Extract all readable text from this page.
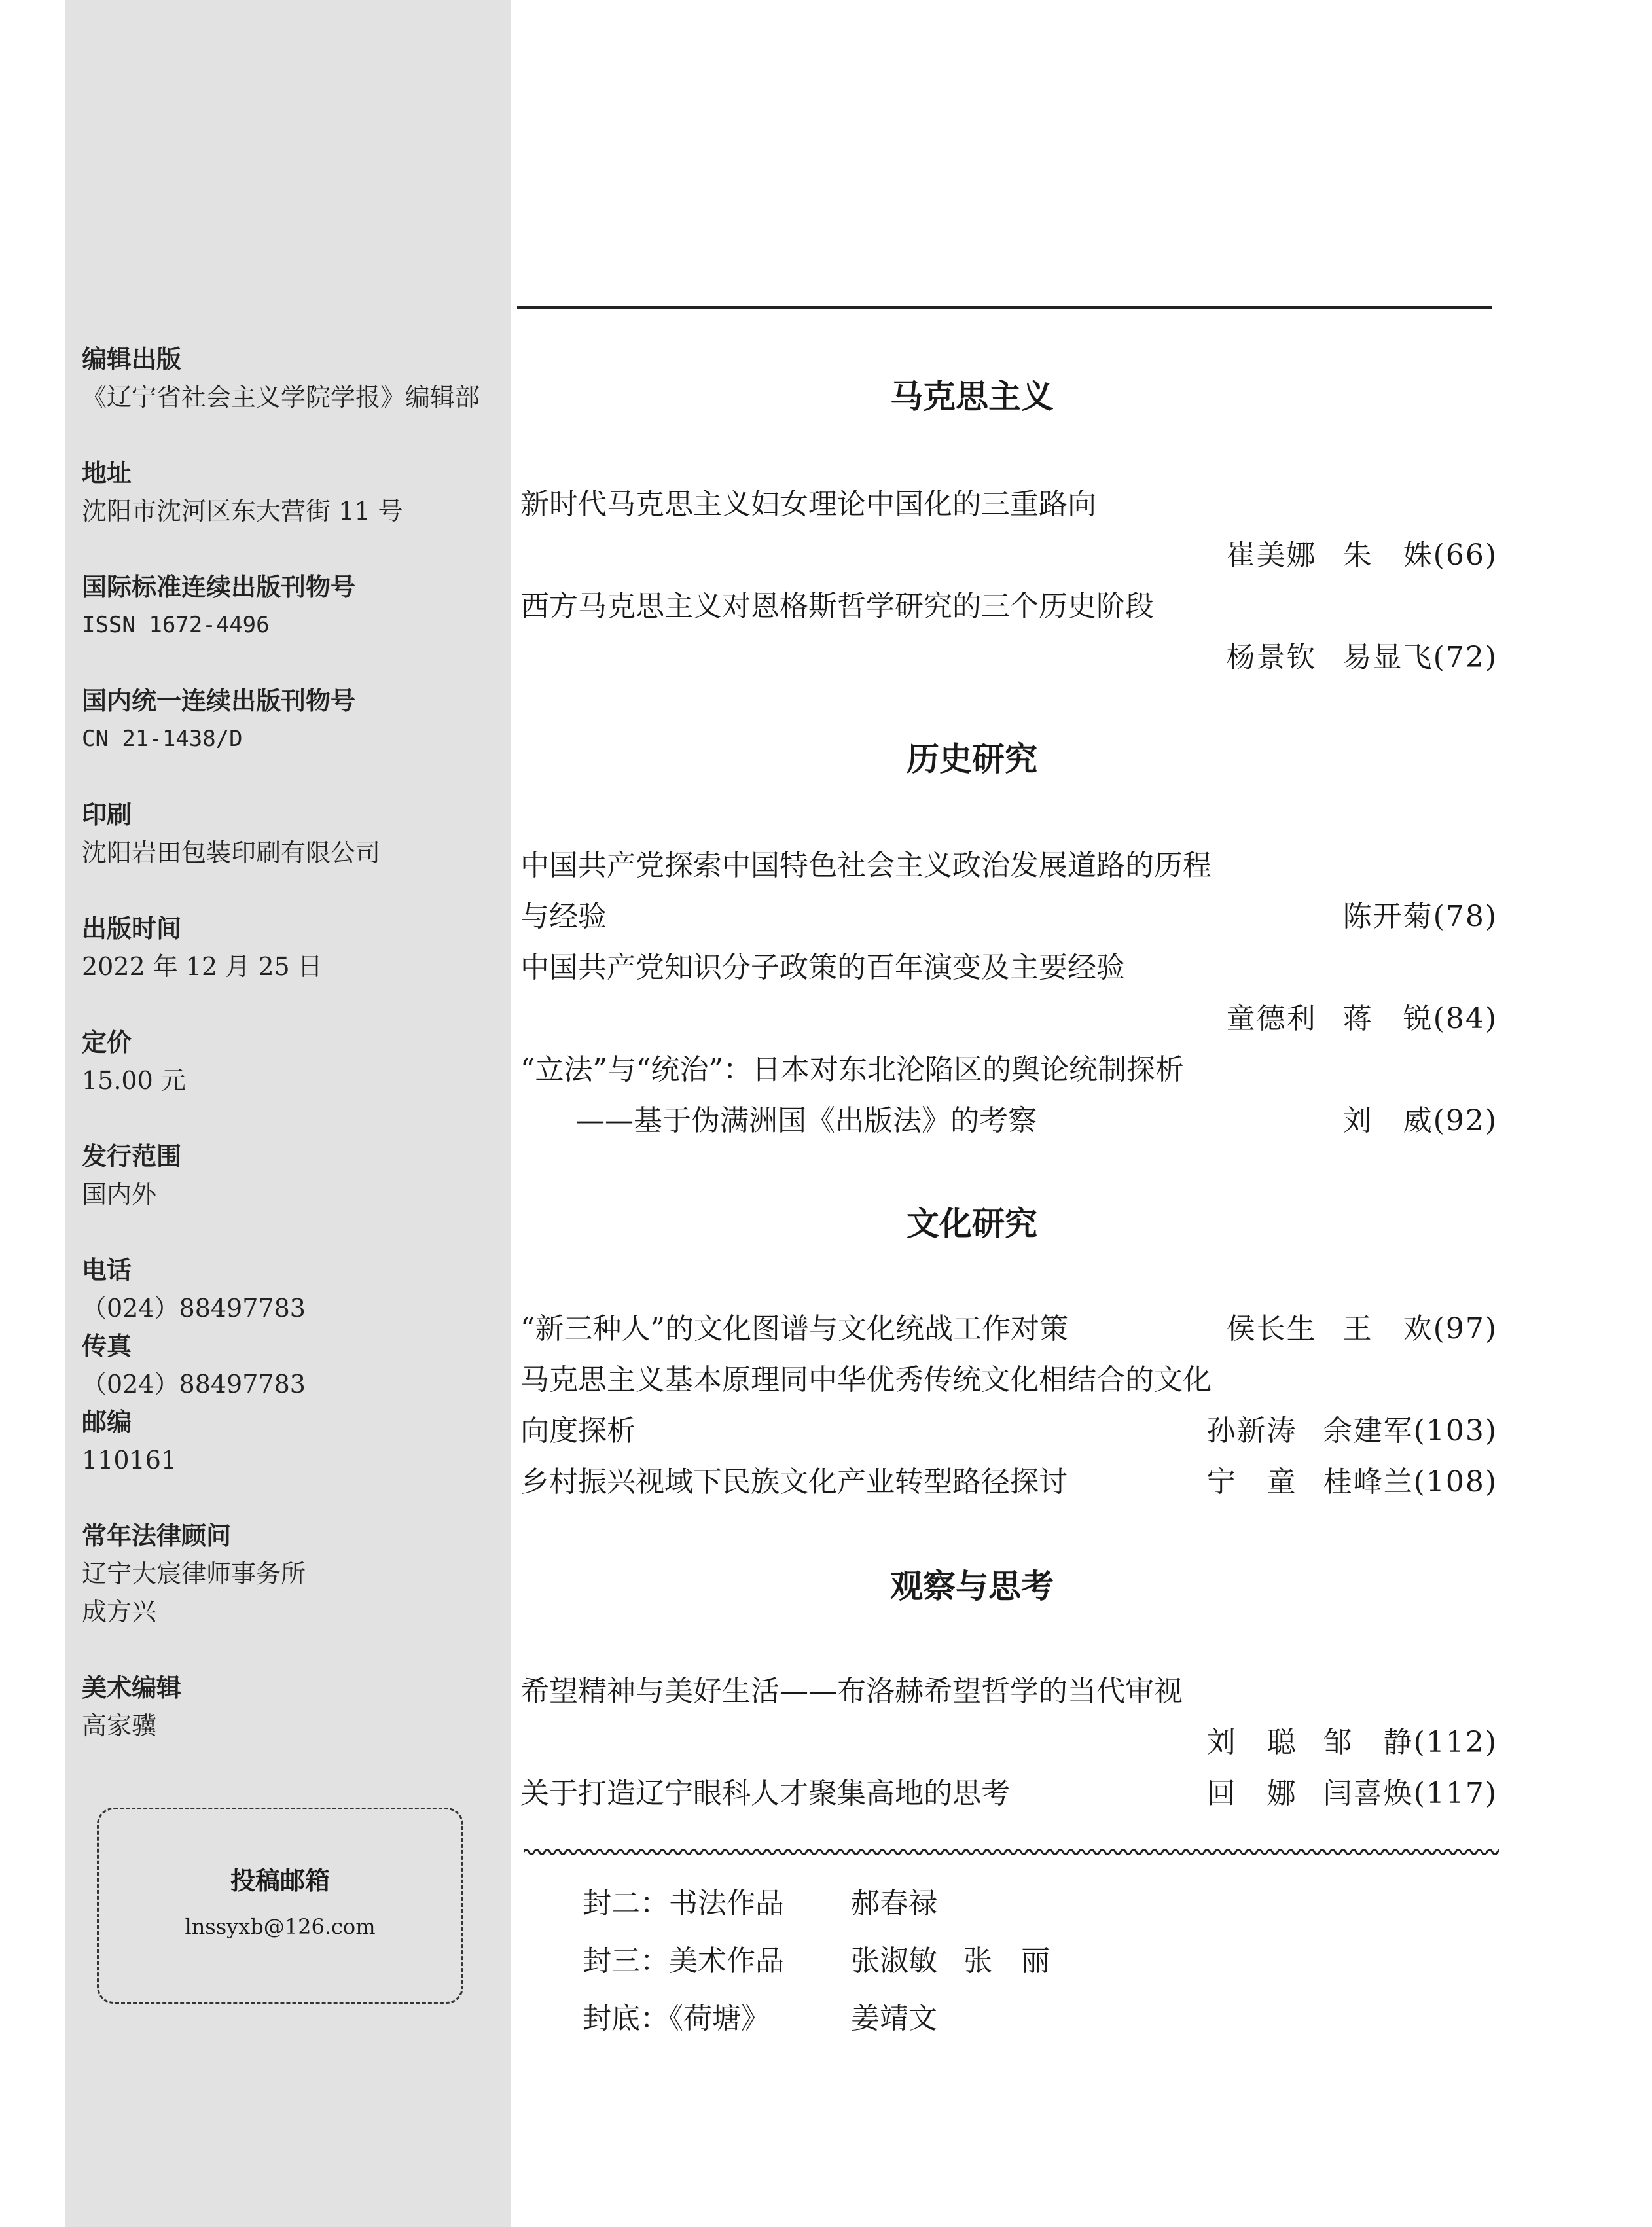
编辑出版
《辽宁省社会主义学院学报》编辑部
地址
沈阳市沈河区东大营街 11 号
国际标准连续出版刊物号
ISSN 1672-4496
国内统一连续出版刊物号
CN 21-1438/D
印刷
沈阳岩田包装印刷有限公司
出版时间
2022 年 12 月 25 日
定价
15.00 元
发行范围
国内外
电话
（024）88497783
传真
（024）88497783
邮编
110161
常年法律顾问
辽宁大宸律师事务所
成方兴
美术编辑
高家骥
投稿邮箱
lnssyxb@126.com
马克思主义
新时代马克思主义妇女理论中国化的三重路向
崔美娜 朱　姝(66)
西方马克思主义对恩格斯哲学研究的三个历史阶段
杨景钦 易显飞(72)
历史研究
中国共产党探索中国特色社会主义政治发展道路的历程
与经验	陈开菊(78)
中国共产党知识分子政策的百年演变及主要经验
童德利 蒋　锐(84)
“立法”与“统治”：日本对东北沦陷区的舆论统制探析
——基于伪满洲国《出版法》的考察	刘　威(92)
文化研究
“新三种人”的文化图谱与文化统战工作对策	侯长生 王　欢(97)
马克思主义基本原理同中华优秀传统文化相结合的文化
向度探析	孙新涛 余建军(103)
乡村振兴视域下民族文化产业转型路径探讨	宁　童 桂峰兰(108)
观察与思考
希望精神与美好生活——布洛赫希望哲学的当代审视
刘　聪 邹　静(112)
关于打造辽宁眼科人才聚集高地的思考	回　娜 闫喜焕(117)
封二：书法作品 郝春禄
封三：美术作品 张淑敏 张　丽
封底：《荷塘》	姜靖文
